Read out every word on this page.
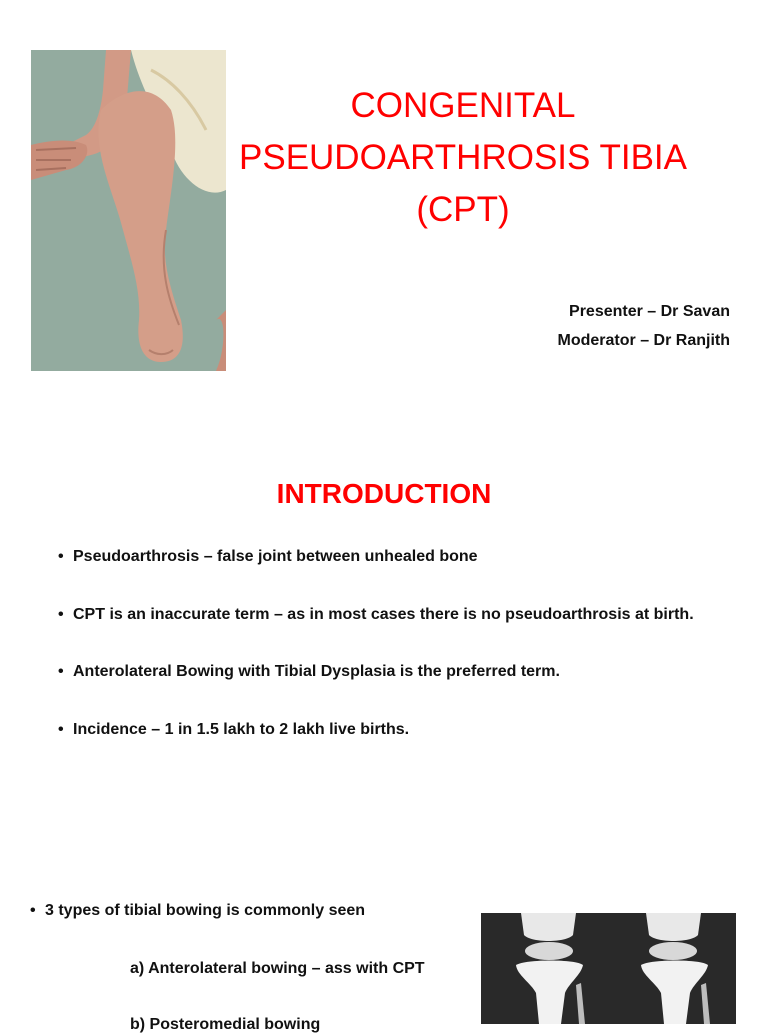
CONGENITAL
PSEUDOARTHROSIS TIBIA
(CPT)
Presenter – Dr Savan
Moderator – Dr Ranjith
INTRODUCTION
• Pseudoarthrosis – false joint between unhealed bone
• CPT is an inaccurate term – as in most cases there is no pseudoarthrosis at birth.
• Anterolateral Bowing with Tibial Dysplasia is the preferred term.
• Incidence – 1 in 1.5 lakh to 2 lakh live births.
• 3 types of tibial bowing is commonly seen
a) Anterolateral bowing – ass with CPT
b) Posteromedial bowing
